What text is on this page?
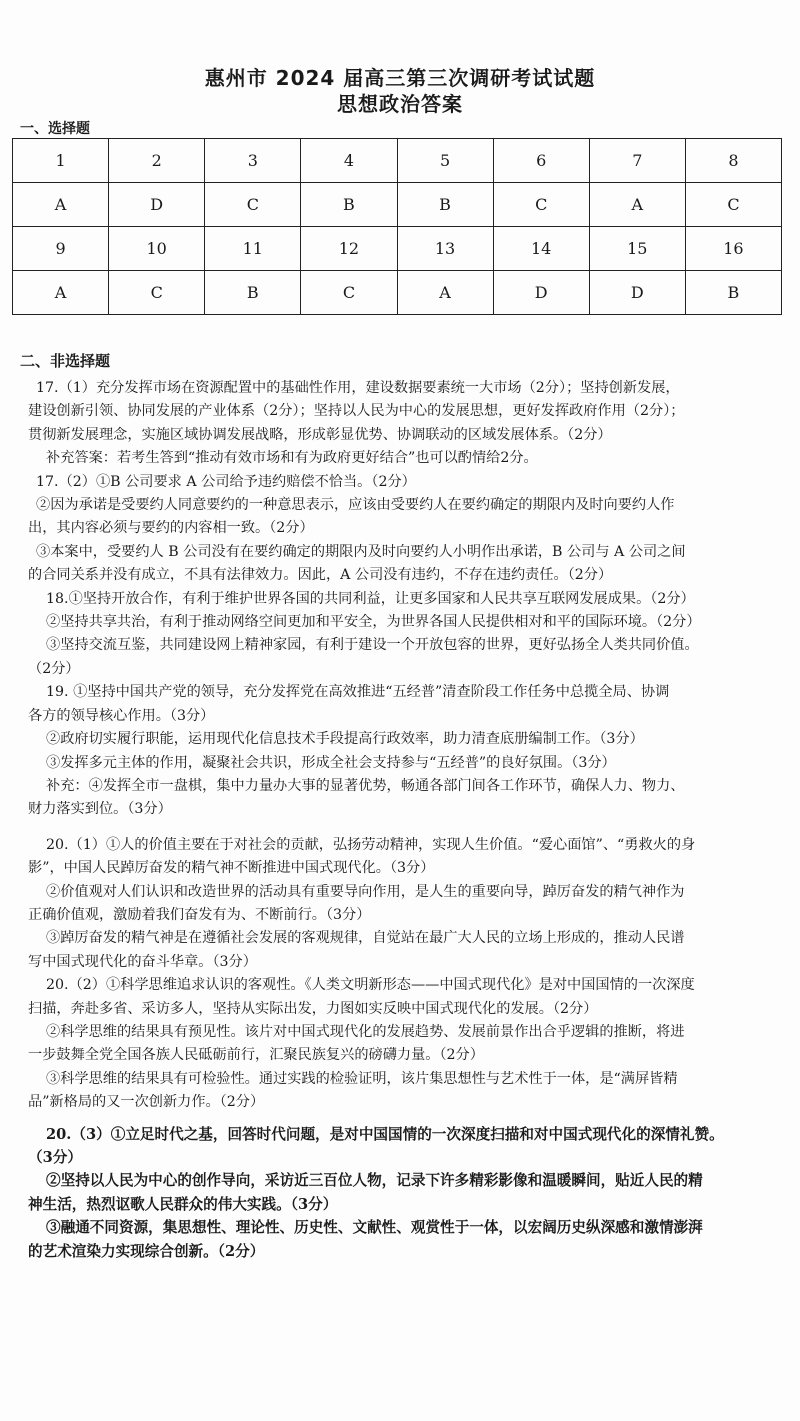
惠州市 2024 届高三第三次调研考试试题
思想政治答案
一、选择题
1	2	3	4	5	6	7	8
A	D	C	B	B	C	A	C
9	10	11	12	13	14	15	16
A	C	B	C	A	D	D	B
二、非选择题
17.（1）充分发挥市场在资源配置中的基础性作用，建设数据要素统一大市场（2分）；坚持创新发展，
建设创新引领、协同发展的产业体系（2分）；坚持以人民为中心的发展思想，更好发挥政府作用（2分）；
贯彻新发展理念，实施区域协调发展战略，形成彰显优势、协调联动的区域发展体系。（2分）
补充答案：若考生答到“推动有效市场和有为政府更好结合”也可以酌情给2分。
17.（2）①B 公司要求 A 公司给予违约赔偿不恰当。（2分）
②因为承诺是受要约人同意要约的一种意思表示，应该由受要约人在要约确定的期限内及时向要约人作
出，其内容必须与要约的内容相一致。（2分）
③本案中，受要约人 B 公司没有在要约确定的期限内及时向要约人小明作出承诺，B 公司与 A 公司之间
的合同关系并没有成立，不具有法律效力。因此，A 公司没有违约，不存在违约责任。（2分）
18.①坚持开放合作，有利于维护世界各国的共同利益，让更多国家和人民共享互联网发展成果。（2分）
②坚持共享共治，有利于推动网络空间更加和平安全，为世界各国人民提供相对和平的国际环境。（2分）
③坚持交流互鉴，共同建设网上精神家园，有利于建设一个开放包容的世界，更好弘扬全人类共同价值。
（2分）
19. ①坚持中国共产党的领导，充分发挥党在高效推进“五经普”清查阶段工作任务中总揽全局、协调
各方的领导核心作用。（3分）
②政府切实履行职能，运用现代化信息技术手段提高行政效率，助力清查底册编制工作。（3分）
③发挥多元主体的作用，凝聚社会共识，形成全社会支持参与“五经普”的良好氛围。（3分）
补充：④发挥全市一盘棋，集中力量办大事的显著优势，畅通各部门间各工作环节，确保人力、物力、
财力落实到位。（3分）
20.（1）①人的价值主要在于对社会的贡献，弘扬劳动精神，实现人生价值。“爱心面馆”、“勇救火的身
影”，中国人民踔厉奋发的精气神不断推进中国式现代化。（3分）
②价值观对人们认识和改造世界的活动具有重要导向作用，是人生的重要向导，踔厉奋发的精气神作为
正确价值观，激励着我们奋发有为、不断前行。（3分）
③踔厉奋发的精气神是在遵循社会发展的客观规律，自觉站在最广大人民的立场上形成的，推动人民谱
写中国式现代化的奋斗华章。（3分）
20.（2）①科学思维追求认识的客观性。《人类文明新形态——中国式现代化》是对中国国情的一次深度
扫描，奔赴多省、采访多人，坚持从实际出发，力图如实反映中国式现代化的发展。（2分）
②科学思维的结果具有预见性。该片对中国式现代化的发展趋势、发展前景作出合乎逻辑的推断，将进
一步鼓舞全党全国各族人民砥砺前行，汇聚民族复兴的磅礴力量。（2分）
③科学思维的结果具有可检验性。通过实践的检验证明，该片集思想性与艺术性于一体，是“满屏皆精
品”新格局的又一次创新力作。（2分）
20.（3）①立足时代之基，回答时代问题，是对中国国情的一次深度扫描和对中国式现代化的深情礼赞。
（3分）
②坚持以人民为中心的创作导向，采访近三百位人物，记录下许多精彩影像和温暖瞬间，贴近人民的精
神生活，热烈讴歌人民群众的伟大实践。（3分）
③融通不同资源，集思想性、理论性、历史性、文献性、观赏性于一体，以宏阔历史纵深感和激情澎湃
的艺术渲染力实现综合创新。（2分）
